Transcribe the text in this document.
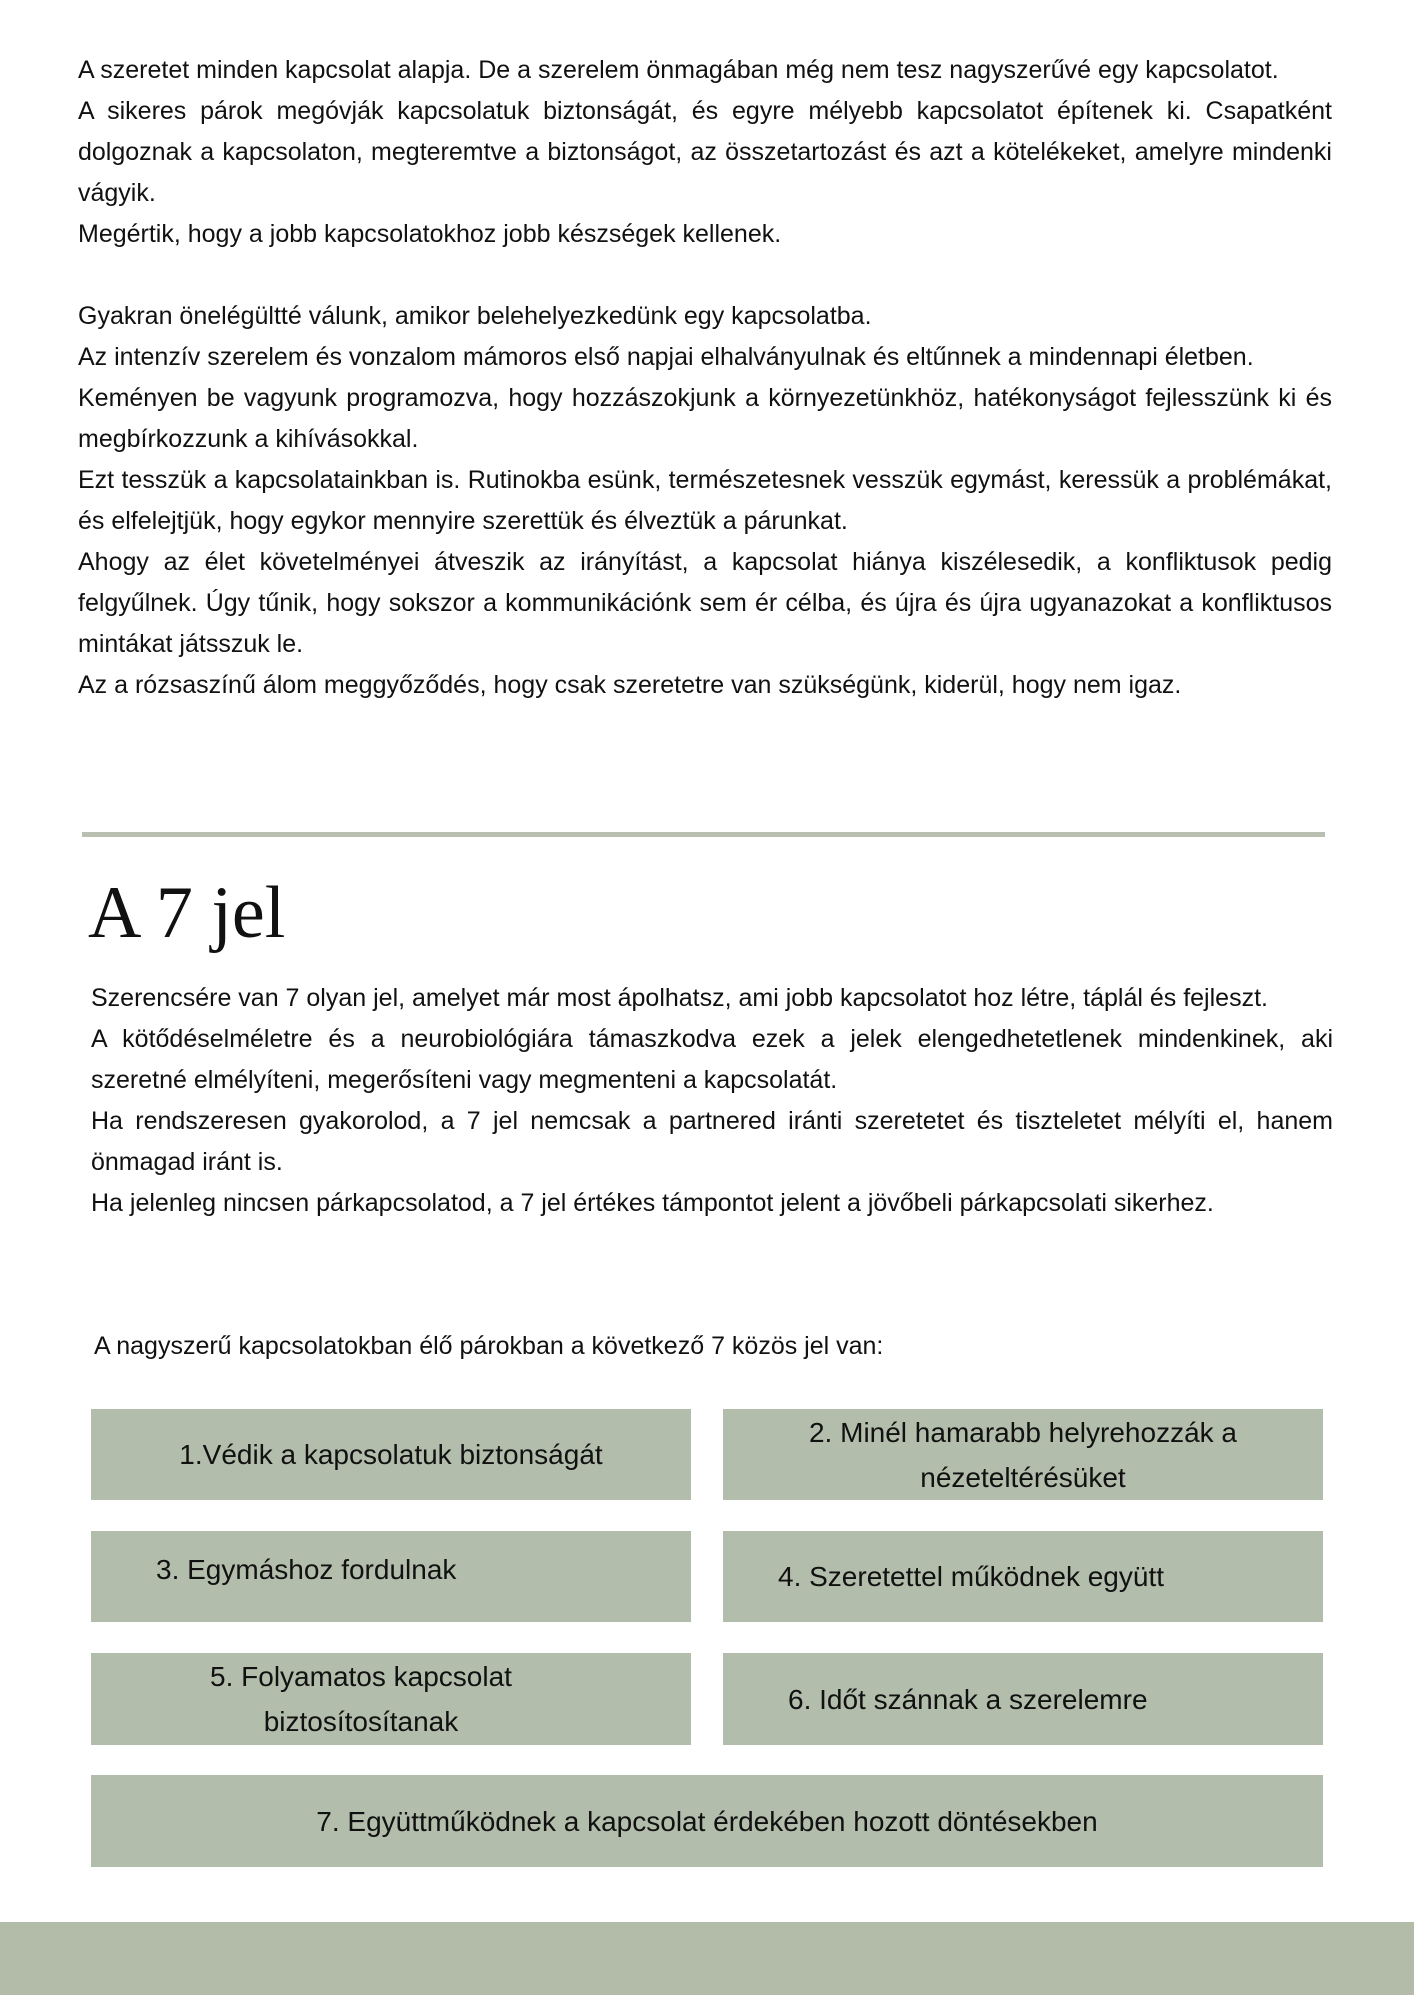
A szeretet minden kapcsolat alapja. De a szerelem önmagában még nem tesz nagyszerűvé egy kapcsolatot.

A sikeres párok megóvják kapcsolatuk biztonságát, és egyre mélyebb kapcsolatot építenek ki. Csapatként dolgoznak a kapcsolaton, megteremtve a biztonságot, az összetartozást és azt a kötelékeket, amelyre mindenki vágyik.

Megértik, hogy a jobb kapcsolatokhoz jobb készségek kellenek.

Gyakran önelégültté válunk, amikor belehelyezkedünk egy kapcsolatba.

Az intenzív szerelem és vonzalom mámoros első napjai elhalványulnak és eltűnnek a mindennapi életben.

Keményen be vagyunk programozva, hogy hozzászokjunk a környezetünkhöz, hatékonyságot fejlesszünk ki és megbírkozzunk a kihívásokkal.

Ezt tesszük a kapcsolatainkban is. Rutinokba esünk, természetesnek vesszük egymást, keressük a problémákat, és elfelejtjük, hogy egykor mennyire szerettük és élveztük a párunkat.

Ahogy az élet követelményei átveszik az irányítást, a kapcsolat hiánya kiszélesedik, a konfliktusok pedig felgyűlnek. Úgy tűnik, hogy sokszor a kommunikációnk sem ér célba, és újra és újra ugyanazokat a konfliktusos mintákat játsszuk le.

Az a rózsaszínű álom meggyőződés, hogy csak szeretetre van szükségünk, kiderül, hogy nem igaz.

A 7 jel

Szerencsére van 7 olyan jel, amelyet már most ápolhatsz, ami jobb kapcsolatot hoz létre, táplál és fejleszt.

A kötődéselméletre és a neurobiológiára támaszkodva ezek a jelek elengedhetetlenek mindenkinek, aki szeretné elmélyíteni, megerősíteni vagy megmenteni a kapcsolatát.

Ha rendszeresen gyakorolod, a 7 jel nemcsak a partnered iránti szeretetet és tiszteletet mélyíti el, hanem önmagad iránt is.

Ha jelenleg nincsen párkapcsolatod, a 7 jel értékes támpontot jelent a jövőbeli párkapcsolati sikerhez.

A nagyszerű kapcsolatokban élő párokban a következő 7 közös jel van:

1.Védik a kapcsolatuk biztonságát
2. Minél hamarabb helyrehozzák a
nézeteltérésüket
3. Egymáshoz fordulnak	4. Szeretettel működnek együtt
5. Folyamatos kapcsolat
biztosítosítanak
6. Időt szánnak a szerelemre
7. Együttműködnek a kapcsolat érdekében hozott döntésekben
